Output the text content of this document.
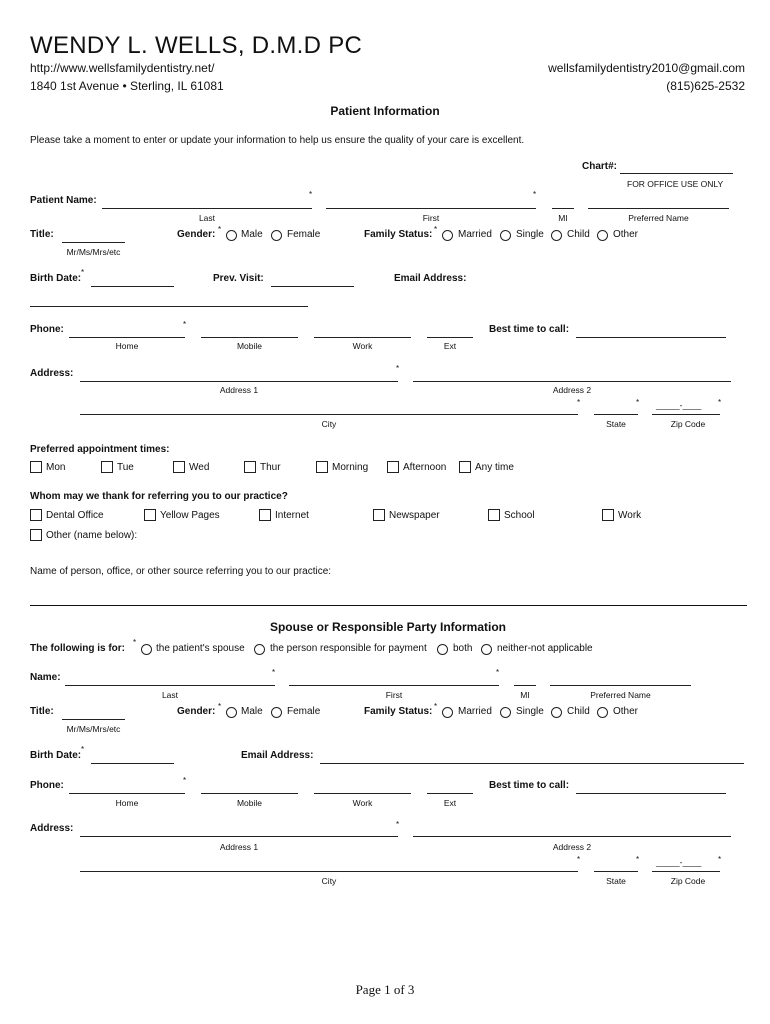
WENDY L. WELLS, D.M.D PC
http://www.wellsfamilydentistry.net/
1840 1st Avenue • Sterling, IL 61081
wellsfamilydentistry2010@gmail.com
(815)625-2532
Patient Information
Please take a moment to enter or update your information to help us ensure the quality of your care is excellent.
Chart#:
FOR OFFICE USE ONLY
Patient Name:
*	*
Last	First	MI	Preferred Name
Title:
Mr/Ms/Mrs/etc
Gender: * Male Female	Family Status: * Married Single Child Other
Birth Date:
*
Prev. Visit:	Email Address:
Phone:	*
Home	Mobile	Work	Ext
Best time to call:
Address:	*
Address 1	Address 2
*	* _____-____ *
City	State	Zip Code
Preferred appointment times:
Mon	Tue	Wed	Thur	Morning	Afternoon	Any time
Whom may we thank for referring you to our practice?
Dental Office	Yellow Pages	Internet	Newspaper	School	Work
Other (name below):
Name of person, office, or other source referring you to our practice:
Spouse or Responsible Party Information
The following is for:
*
the patient's spouse	the person responsible for payment	both neither-not applicable
Name:	*	*
Last	First	MI	Preferred Name
Title:
Mr/Ms/Mrs/etc
Gender: * Male Female	Family Status: * Married Single Child Other
Birth Date:
*
Email Address:
Phone:	*
Home	Mobile	Work	Ext
Best time to call:
Address:	*
Address 1	Address 2
*	* _____-____ *
City	State	Zip Code
Page 1 of 3
